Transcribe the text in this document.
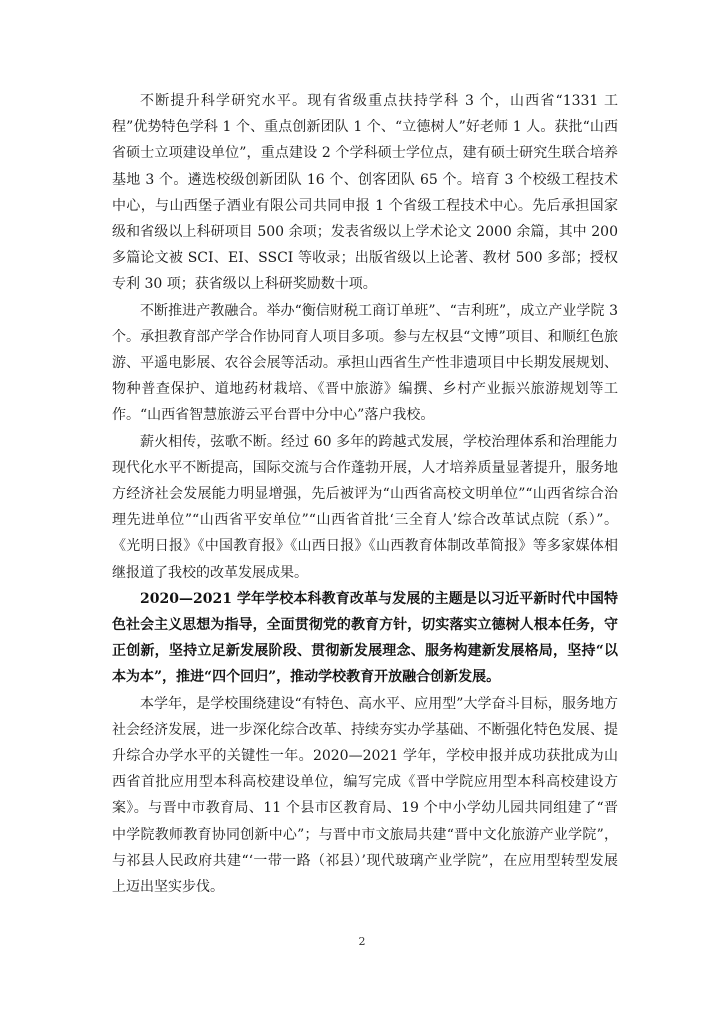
不断提升科学研究水平。现有省级重点扶持学科 3 个，山西省“1331 工程”优势特色学科 1 个、重点创新团队 1 个、“立德树人”好老师 1 人。获批“山西省硕士立项建设单位”，重点建设 2 个学科硕士学位点，建有硕士研究生联合培养基地 3 个。遴选校级创新团队 16 个、创客团队 65 个。培育 3 个校级工程技术中心，与山西堡子酒业有限公司共同申报 1 个省级工程技术中心。先后承担国家级和省级以上科研项目 500 余项；发表省级以上学术论文 2000 余篇，其中 200 多篇论文被 SCI、EI、SSCI 等收录；出版省级以上论著、教材 500 多部；授权专利 30 项；获省级以上科研奖励数十项。

不断推进产教融合。举办“衡信财税工商订单班”、“吉利班”，成立产业学院 3 个。承担教育部产学合作协同育人项目多项。参与左权县“文博”项目、和顺红色旅游、平遥电影展、农谷会展等活动。承担山西省生产性非遗项目中长期发展规划、物种普查保护、道地药材栽培、《晋中旅游》编撰、乡村产业振兴旅游规划等工作。“山西省智慧旅游云平台晋中分中心”落户我校。

薪火相传，弦歌不断。经过 60 多年的跨越式发展，学校治理体系和治理能力现代化水平不断提高，国际交流与合作蓬勃开展，人才培养质量显著提升，服务地方经济社会发展能力明显增强，先后被评为“山西省高校文明单位”“山西省综合治理先进单位”“山西省平安单位”“山西省首批‘三全育人’综合改革试点院（系）”。《光明日报》《中国教育报》《山西日报》《山西教育体制改革简报》等多家媒体相继报道了我校的改革发展成果。

2020—2021 学年学校本科教育改革与发展的主题是以习近平新时代中国特色社会主义思想为指导，全面贯彻党的教育方针，切实落实立德树人根本任务，守正创新，坚持立足新发展阶段、贯彻新发展理念、服务构建新发展格局，坚持“以本为本”，推进“四个回归”，推动学校教育开放融合创新发展。

本学年，是学校围绕建设“有特色、高水平、应用型”大学奋斗目标，服务地方社会经济发展，进一步深化综合改革、持续夯实办学基础、不断强化特色发展、提升综合办学水平的关键性一年。2020—2021 学年，学校申报并成功获批成为山西省首批应用型本科高校建设单位，编写完成《晋中学院应用型本科高校建设方案》。与晋中市教育局、11 个县市区教育局、19 个中小学幼儿园共同组建了“晋中学院教师教育协同创新中心”；与晋中市文旅局共建“晋中文化旅游产业学院”，与祁县人民政府共建“‘一带一路（祁县）’现代玻璃产业学院”，在应用型转型发展上迈出坚实步伐。

2
